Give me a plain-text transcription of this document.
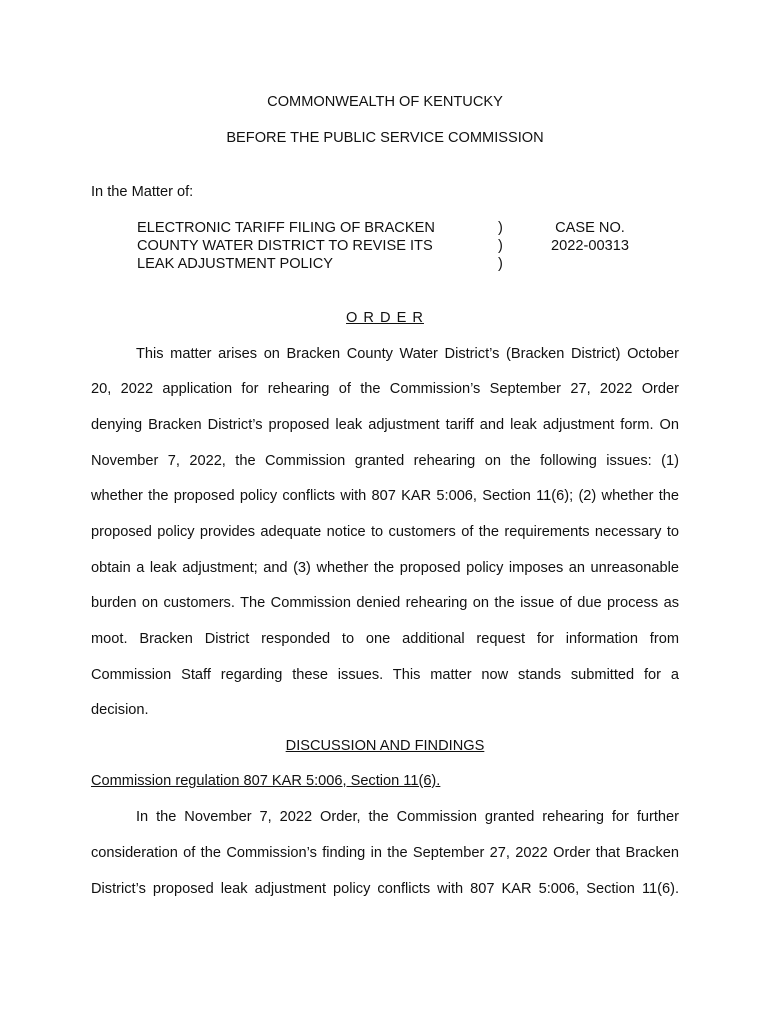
COMMONWEALTH OF KENTUCKY
BEFORE THE PUBLIC SERVICE COMMISSION
In the Matter of:
ELECTRONIC TARIFF FILING OF BRACKEN
COUNTY WATER DISTRICT TO REVISE ITS
LEAK ADJUSTMENT POLICY
)
)
)
CASE NO.
2022-00313
O R D E R
This matter arises on Bracken County Water District’s (Bracken District) October
20, 2022 application for rehearing of the Commission’s September 27, 2022 Order
denying Bracken District’s proposed leak adjustment tariff and leak adjustment form. On
November 7, 2022, the Commission granted rehearing on the following issues: (1)
whether the proposed policy conflicts with 807 KAR 5:006, Section 11(6); (2) whether the
proposed policy provides adequate notice to customers of the requirements necessary to
obtain a leak adjustment; and (3) whether the proposed policy imposes an unreasonable
burden on customers. The Commission denied rehearing on the issue of due process as
moot. Bracken District responded to one additional request for information from
Commission Staff regarding these issues. This matter now stands submitted for a
decision.
DISCUSSION AND FINDINGS
Commission regulation 807 KAR 5:006, Section 11(6).
In the November 7, 2022 Order, the Commission granted rehearing for further
consideration of the Commission’s finding in the September 27, 2022 Order that Bracken
District’s proposed leak adjustment policy conflicts with 807 KAR 5:006, Section 11(6).
